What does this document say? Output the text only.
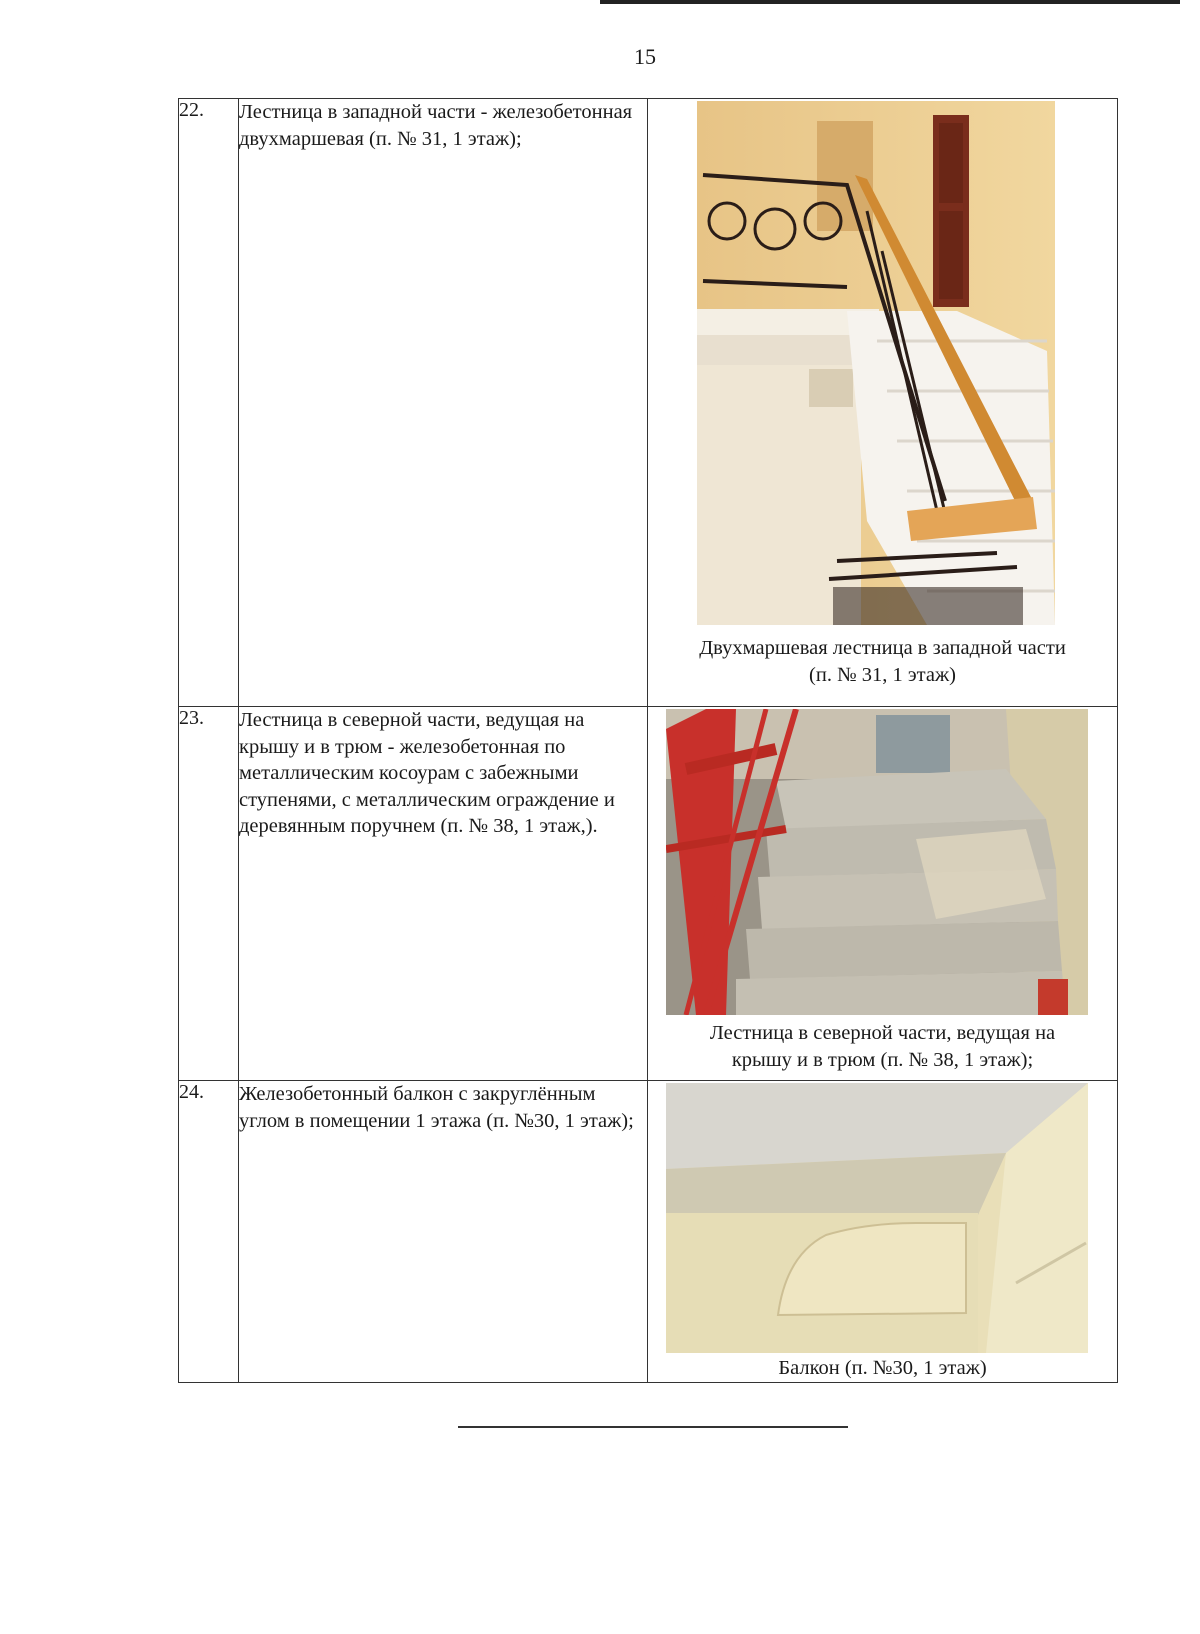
15
22.	Лестница в западной части - железобетонная двухмаршевая (п. № 31, 1 этаж);	Двухмаршевая лестница в западной части
(п. № 31, 1 этаж)

23.	Лестница в северной части, ведущая на крышу и в трюм - железобетонная по металлическим косоурам с забежными ступенями, с металлическим ограждение и деревянным поручнем (п. № 38, 1 этаж,).	Лестница в северной части, ведущая на
крышу и в трюм (п. № 38, 1 этаж);

24.	Железобетонный балкон с закруглённым углом в помещении 1 этажа (п. №30, 1 этаж);	Балкон (п. №30, 1 этаж)
